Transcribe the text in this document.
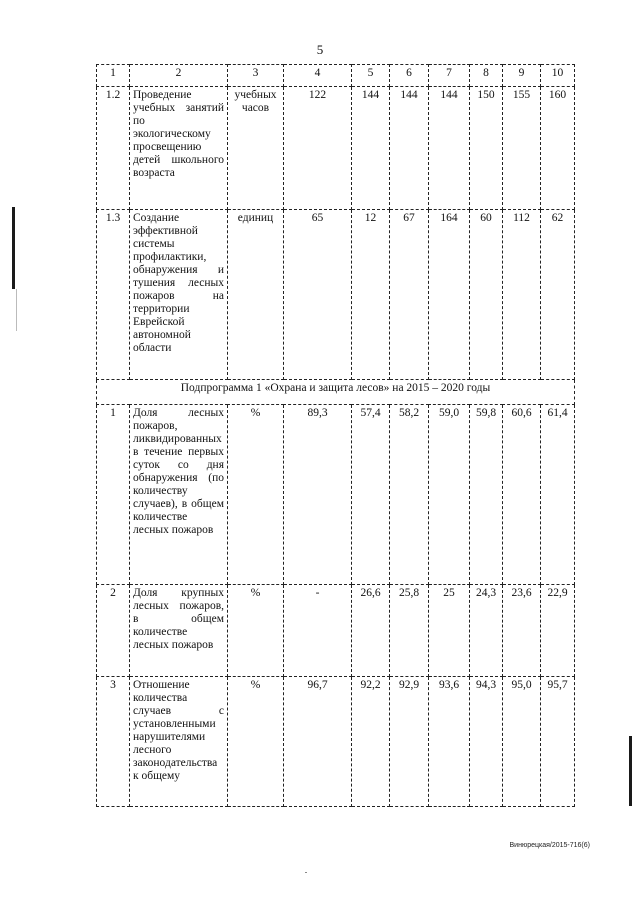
5
1	2	3	4	5	6	7	8	9	10
1.2	Проведение учебных занятий по экологическому просвещению детей школьного возраста	учебных часов	122	144	144	144	150	155	160
1.3	Создание эффективной системы профилактики, обнаружения и тушения лесных пожаров на территории Еврейской автономной области	единиц	65	12	67	164	60	112	62
Подпрограмма 1 «Охрана и защита лесов» на 2015 – 2020 годы									
1	Доля лесных пожаров, ликвидированных в течение первых суток со дня обнаружения (по количеству случаев), в общем количестве лесных пожаров	%	89,3	57,4	58,2	59,0	59,8	60,6	61,4
2	Доля крупных лесных пожаров, в общем количестве лесных пожаров	%	-	26,6	25,8	25	24,3	23,6	22,9
3	Отношение количества случаев с установленными нарушителями лесного законодательства к общему	%	96,7	92,2	92,9	93,6	94,3	95,0	95,7
Винюрецкая/2015-716(6)
